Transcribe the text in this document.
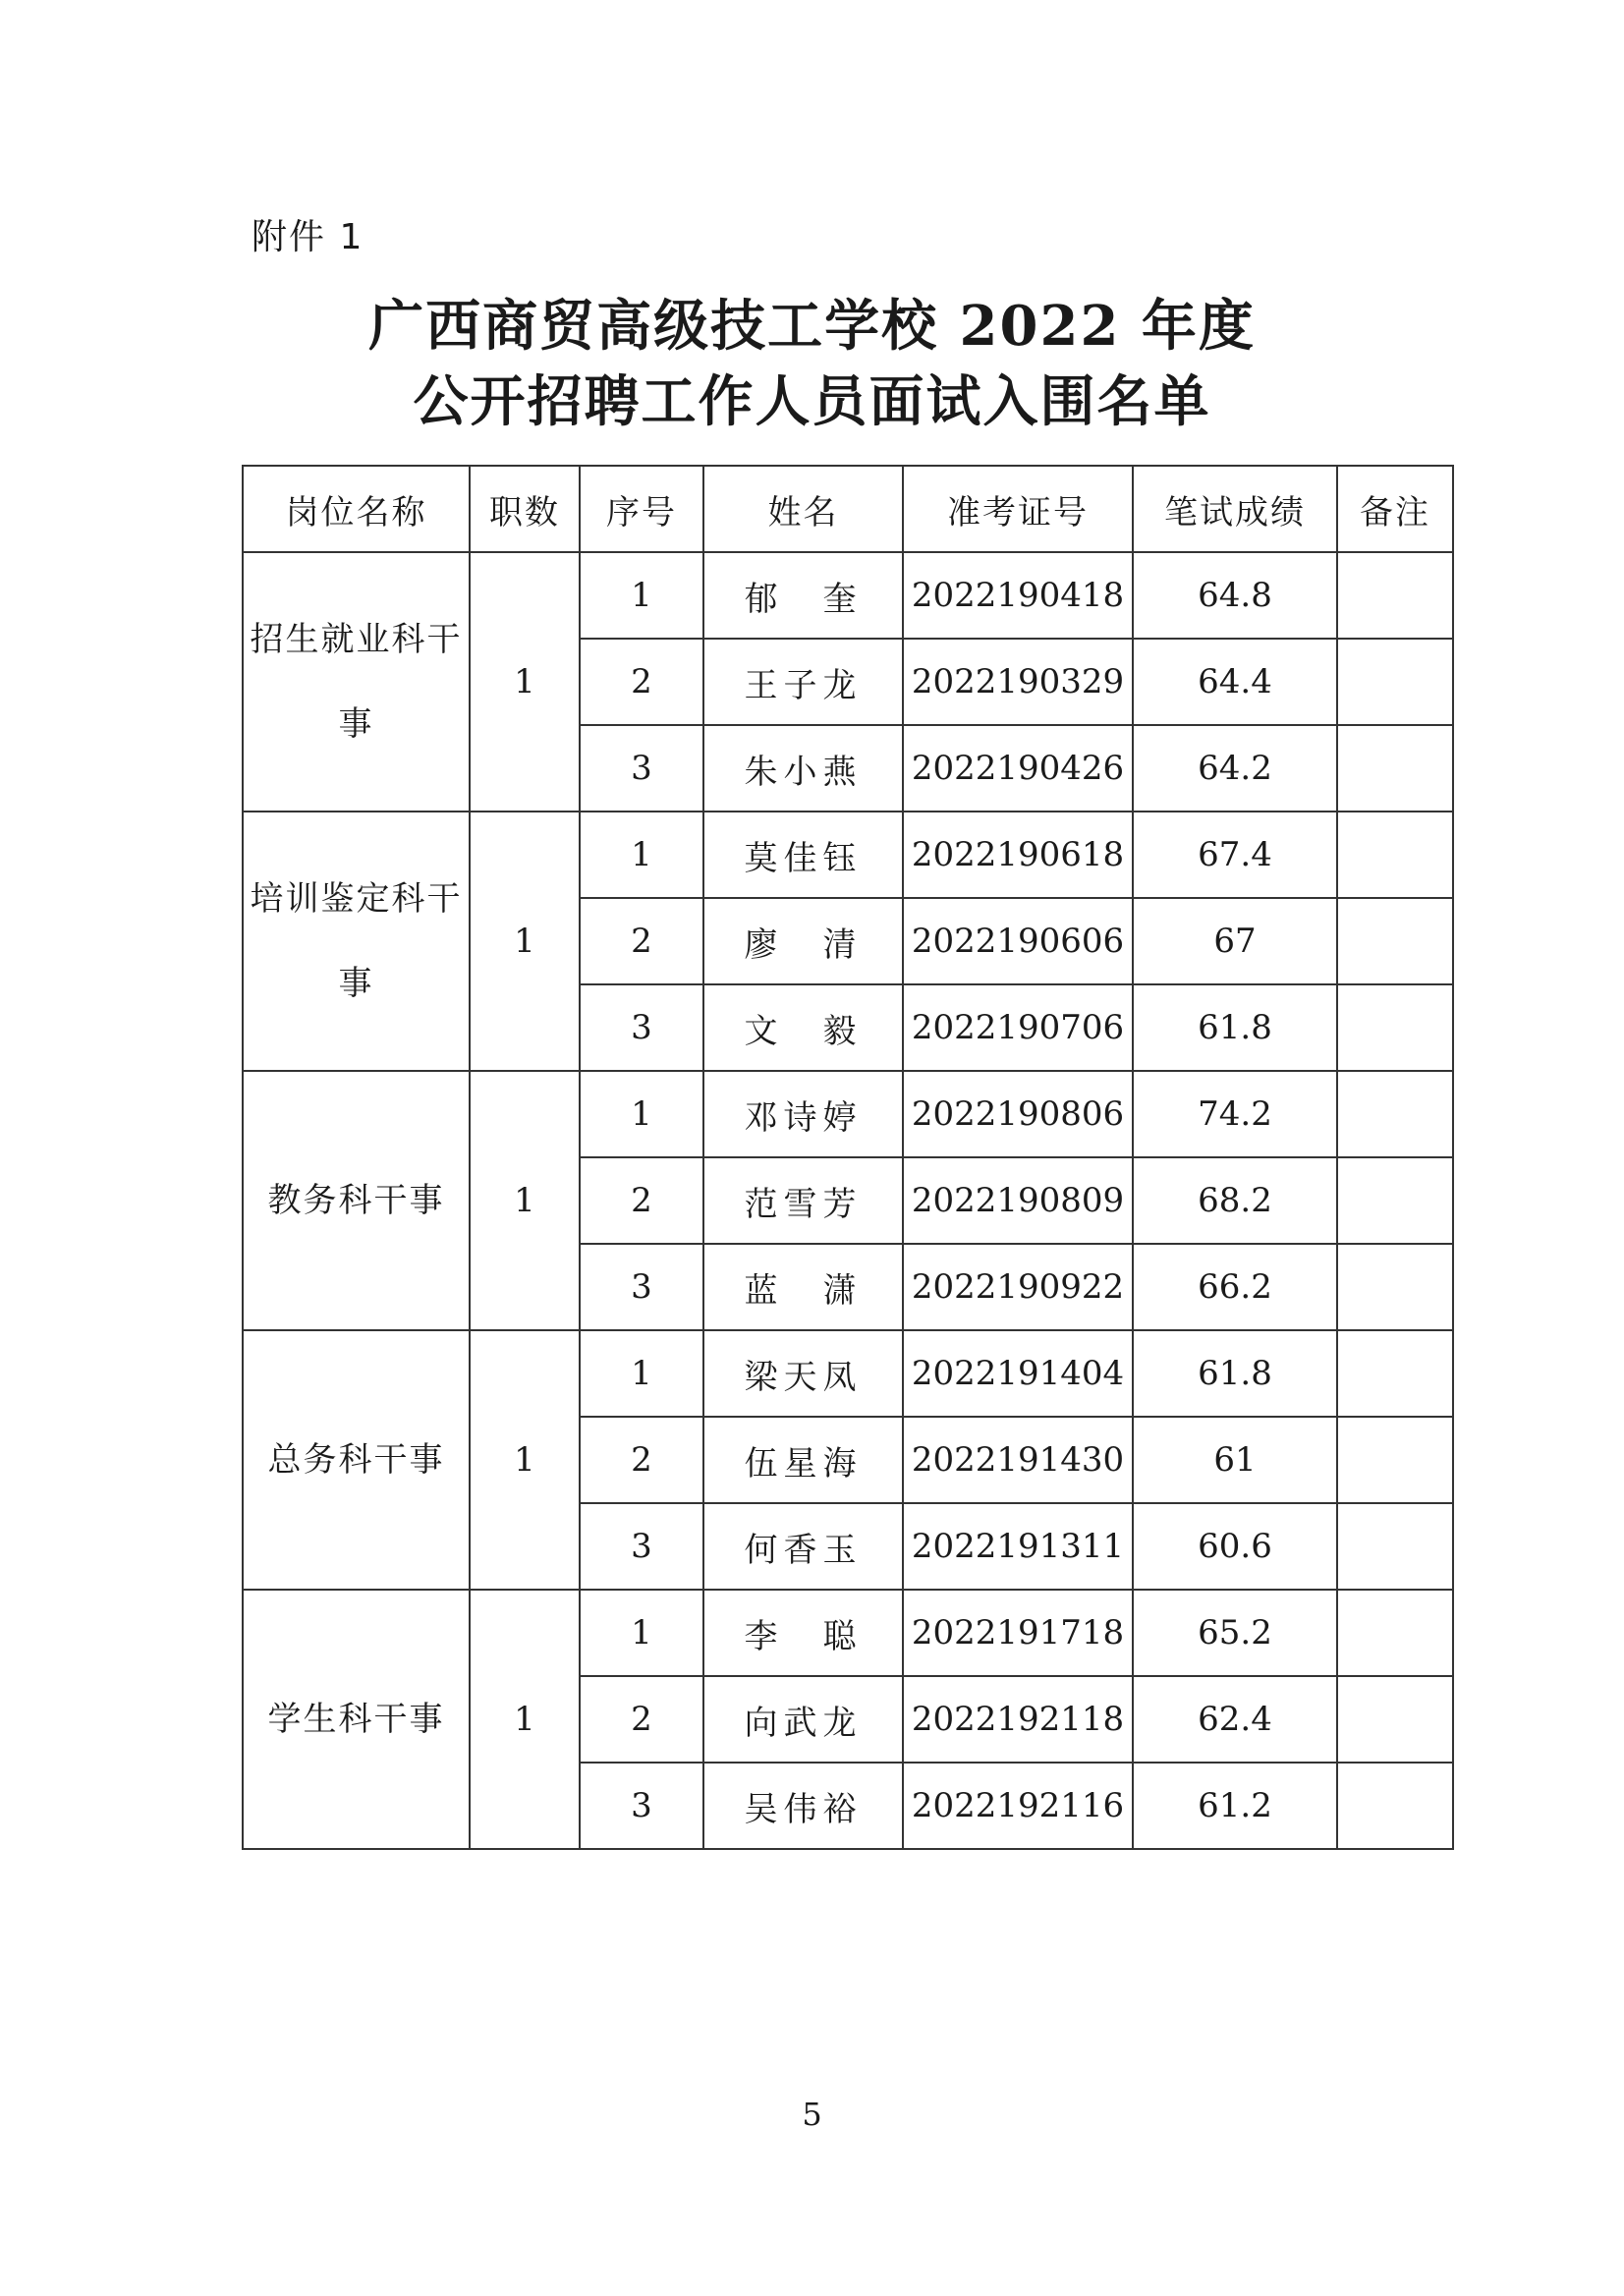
附件 1
广西商贸高级技工学校 2022 年度
公开招聘工作人员面试入围名单
岗位名称	职数	序号	姓名	准考证号	笔试成绩	备注
招生就业科干事	1	1	郁　奎	2022190418	64.8	
		2	王子龙	2022190329	64.4	
		3	朱小燕	2022190426	64.2	
培训鉴定科干事	1	1	莫佳钰	2022190618	67.4	
		2	廖　清	2022190606	67	
		3	文　毅	2022190706	61.8	
教务科干事	1	1	邓诗婷	2022190806	74.2	
		2	范雪芳	2022190809	68.2	
		3	蓝　潇	2022190922	66.2	
总务科干事	1	1	梁天凤	2022191404	61.8	
		2	伍星海	2022191430	61	
		3	何香玉	2022191311	60.6	
学生科干事	1	1	李　聪	2022191718	65.2	
		2	向武龙	2022192118	62.4	
		3	吴伟裕	2022192116	61.2	
5
